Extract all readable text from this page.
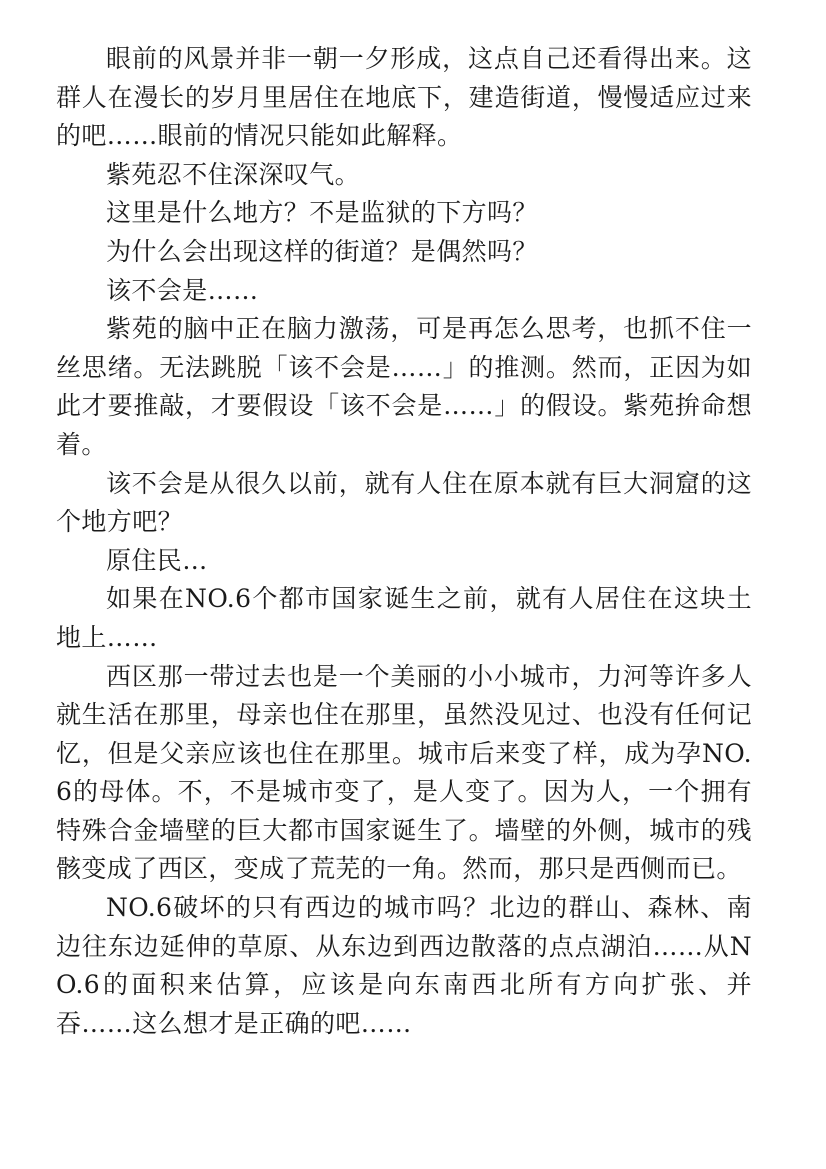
眼前的风景并非一朝一夕形成，这点自己还看得出来。这群人在漫长的岁月里居住在地底下，建造街道，慢慢适应过来的吧……眼前的情况只能如此解释。

紫苑忍不住深深叹气。

这里是什么地方？不是监狱的下方吗？

为什么会出现这样的街道？是偶然吗？

该不会是……

紫苑的脑中正在脑力激荡，可是再怎么思考，也抓不住一丝思绪。无法跳脱「该不会是……」的推测。然而，正因为如此才要推敲，才要假设「该不会是……」的假设。紫苑拚命想着。

该不会是从很久以前，就有人住在原本就有巨大洞窟的这个地方吧？

原住民…

如果在NO.6个都市国家诞生之前，就有人居住在这块土地上……

西区那一带过去也是一个美丽的小小城市，力河等许多人就生活在那里，母亲也住在那里，虽然没见过、也没有任何记忆，但是父亲应该也住在那里。城市后来变了样，成为孕NO.6的母体。不，不是城市变了，是人变了。因为人，一个拥有特殊合金墙壁的巨大都市国家诞生了。墙壁的外侧，城市的残骸变成了西区，变成了荒芜的一角。然而，那只是西侧而已。

NO.6破坏的只有西边的城市吗？北边的群山、森林、南边往东边延伸的草原、从东边到西边散落的点点湖泊……从NO.6的面积来估算，应该是向东南西北所有方向扩张、并吞……这么想才是正确的吧……
